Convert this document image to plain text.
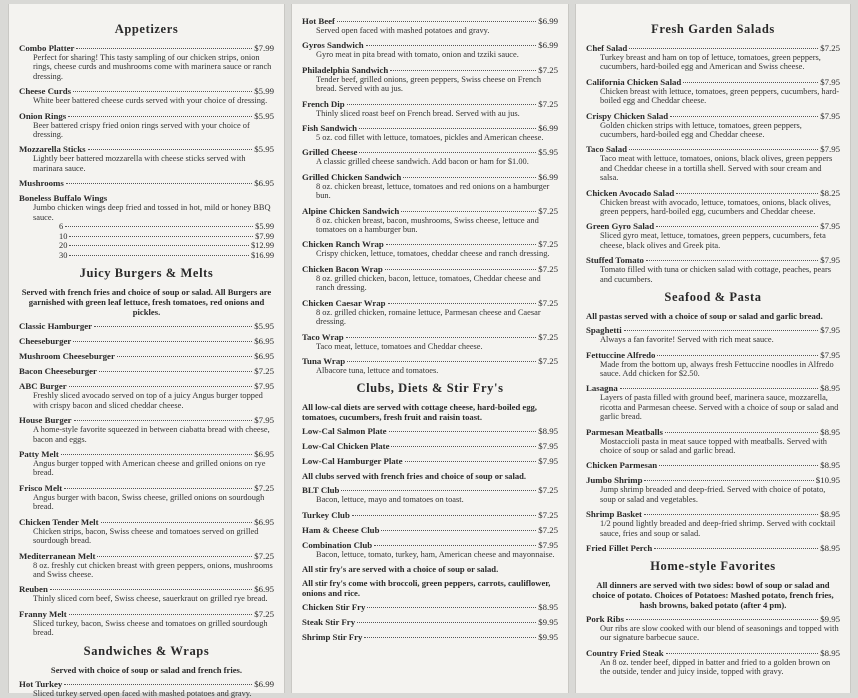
Appetizers
Combo Platter	$7.99
Perfect for sharing! This tasty sampling of our chicken strips, onion rings, cheese curds and mushrooms come with marinera sauce or ranch dressing.
Cheese Curds	$5.99
White beer battered cheese curds served with your choice of dressing.
Onion Rings	$5.95
Beer battered crispy fried onion rings served with your choice of dressing.
Mozzarella Sticks	$5.95
Lightly beer battered mozzarella with cheese sticks served with marinara sauce.
Mushrooms	$6.95
Boneless Buffalo Wings
Jumbo chicken wings deep fried and tossed in hot, mild or honey BBQ sauce.
6	$5.99
10	$7.99
20	$12.99
30	$16.99
Juicy Burgers & Melts
Served with french fries and choice of soup or salad. All Burgers are garnished with green leaf lettuce, fresh tomatoes, red onions and pickles.
Classic Hamburger	$5.95
Cheeseburger	$6.95
Mushroom Cheeseburger	$6.95
Bacon Cheeseburger	$7.25
ABC Burger	$7.95
Freshly sliced avocado served on top of a juicy Angus burger topped with crispy bacon and sliced cheddar cheese.
House Burger	$7.95
A home-style favorite squeezed in between ciabatta bread with cheese, bacon and eggs.
Patty Melt	$6.95
Angus burger topped with American cheese and grilled onions on rye bread.
Frisco Melt	$7.25
Angus burger with bacon, Swiss cheese, grilled onions on sourdough bread.
Chicken Tender Melt	$6.95
Chicken strips, bacon, Swiss cheese and tomatoes served on grilled sourdough bread.
Mediterranean Melt	$7.25
8 oz. freshly cut chicken breast with green peppers, onions, mushrooms and Swiss cheese.
Reuben	$6.95
Thinly sliced corn beef, Swiss cheese, sauerkraut on grilled rye bread.
Franny Melt	$7.25
Sliced turkey, bacon, Swiss cheese and tomatoes on grilled sourdough bread.
Sandwiches & Wraps
Served with choice of soup or salad and french fries.
Hot Turkey	$6.99
Sliced turkey served open faced with mashed potatoes and gravy.
Hot Beef	$6.99
Served open faced with mashed potatoes and gravy.
Gyros Sandwich	$6.99
Gyro meat in pita bread with tomato, onion and tzziki sauce.
Philadelphia Sandwich	$7.25
Tender beef, grilled onions, green peppers, Swiss cheese on French bread. Served with au jus.
French Dip	$7.25
Thinly sliced roast beef on French bread. Served with au jus.
Fish Sandwich	$6.99
5 oz. cod fillet with lettuce, tomatoes, pickles and American cheese.
Grilled Cheese	$5.95
A classic grilled cheese sandwich. Add bacon or ham for $1.00.
Grilled Chicken Sandwich	$6.99
8 oz. chicken breast, lettuce, tomatoes and red onions on a hamburger bun.
Alpine Chicken Sandwich	$7.25
8 oz. chicken breast, bacon, mushrooms, Swiss cheese, lettuce and tomatoes on a hamburger bun.
Chicken Ranch Wrap	$7.25
Crispy chicken, lettuce, tomatoes, cheddar cheese and ranch dressing.
Chicken Bacon Wrap	$7.25
8 oz. grilled chicken, bacon, lettuce, tomatoes, Cheddar cheese and ranch dressing.
Chicken Caesar Wrap	$7.25
8 oz. grilled chicken, romaine lettuce, Parmesan cheese and Caesar dressing.
Taco Wrap	$7.25
Taco meat, lettuce, tomatoes and Cheddar cheese.
Tuna Wrap	$7.25
Albacore tuna, lettuce and tomatoes.
Clubs, Diets & Stir Fry's
All low-cal diets are served with cottage cheese, hard-boiled egg, tomatoes, cucumbers, fresh fruit and raisin toast.
Low-Cal Salmon Plate	$8.95
Low-Cal Chicken Plate	$7.95
Low-Cal Hamburger Plate	$7.95
All clubs served with french fries and choice of soup or salad.
BLT Club	$7.25
Bacon, lettuce, mayo and tomatoes on toast.
Turkey Club	$7.25
Ham & Cheese Club	$7.25
Combination Club	$7.95
Bacon, lettuce, tomato, turkey, ham, American cheese and mayonnaise.
All stir fry's are served with a choice of soup or salad.
All stir fry's come with broccoli, green peppers, carrots, cauliflower, onions and rice.
Chicken Stir Fry	$8.95
Steak Stir Fry	$9.95
Shrimp Stir Fry	$9.95
Fresh Garden Salads
Chef Salad	$7.25
Turkey breast and ham on top of lettuce, tomatoes, green peppers, cucumbers, hard-boiled egg and American and Swiss cheese.
California Chicken Salad	$7.95
Chicken breast with lettuce, tomatoes, green peppers, cucumbers, hard-boiled egg and Cheddar cheese.
Crispy Chicken Salad	$7.95
Golden chicken strips with lettuce, tomatoes, green peppers, cucumbers, hard-boiled egg and Cheddar cheese.
Taco Salad	$7.95
Taco meat with lettuce, tomatoes, onions, black olives, green peppers and Cheddar cheese in a tortilla shell. Served with sour cream and salsa.
Chicken Avocado Salad	$8.25
Chicken breast with avocado, lettuce, tomatoes, onions, black olives, green peppers, hard-boiled egg, cucumbers and Cheddar cheese.
Green Gyro Salad	$7.95
Sliced gyro meat, lettuce, tomatoes, green peppers, cucumbers, feta cheese, black olives and Greek pita.
Stuffed Tomato	$7.95
Tomato filled with tuna or chicken salad with cottage, peaches, pears and cucumbers.
Seafood & Pasta
All pastas served with a choice of soup or salad and garlic bread.
Spaghetti	$7.95
Always a fan favorite! Served with rich meat sauce.
Fettuccine Alfredo	$7.95
Made from the bottom up, always fresh Fettuccine noodles in Alfredo sauce. Add chicken for $2.50.
Lasagna	$8.95
Layers of pasta filled with ground beef, marinera sauce, mozzarella, ricotta and Parmesan cheese. Served with a choice of soup or salad and garlic bread.
Parmesan Meatballs	$8.95
Mostaccioli pasta in meat sauce topped with meatballs. Served with choice of soup or salad and garlic bread.
Chicken Parmesan	$8.95
Jumbo Shrimp	$10.95
Jump shrimp breaded and deep-fried. Served with choice of potato, soup or salad and vegetables.
Shrimp Basket	$8.95
1/2 pound lightly breaded and deep-fried shrimp. Served with cocktail sauce, fries and soup or salad.
Fried Fillet Perch	$8.95
Home-style Favorites
All dinners are served with two sides: bowl of soup or salad and choice of potato. Choices of Potatoes: Mashed potato, french fries, hash browns, baked potato (after 4 pm).
Pork Ribs	$9.95
Our ribs are slow cooked with our blend of seasonings and topped with our signature barbecue sauce.
Country Fried Steak	$8.95
An 8 oz. tender beef, dipped in batter and fried to a golden brown on the outside, tender and juicy inside, topped with gravy.
